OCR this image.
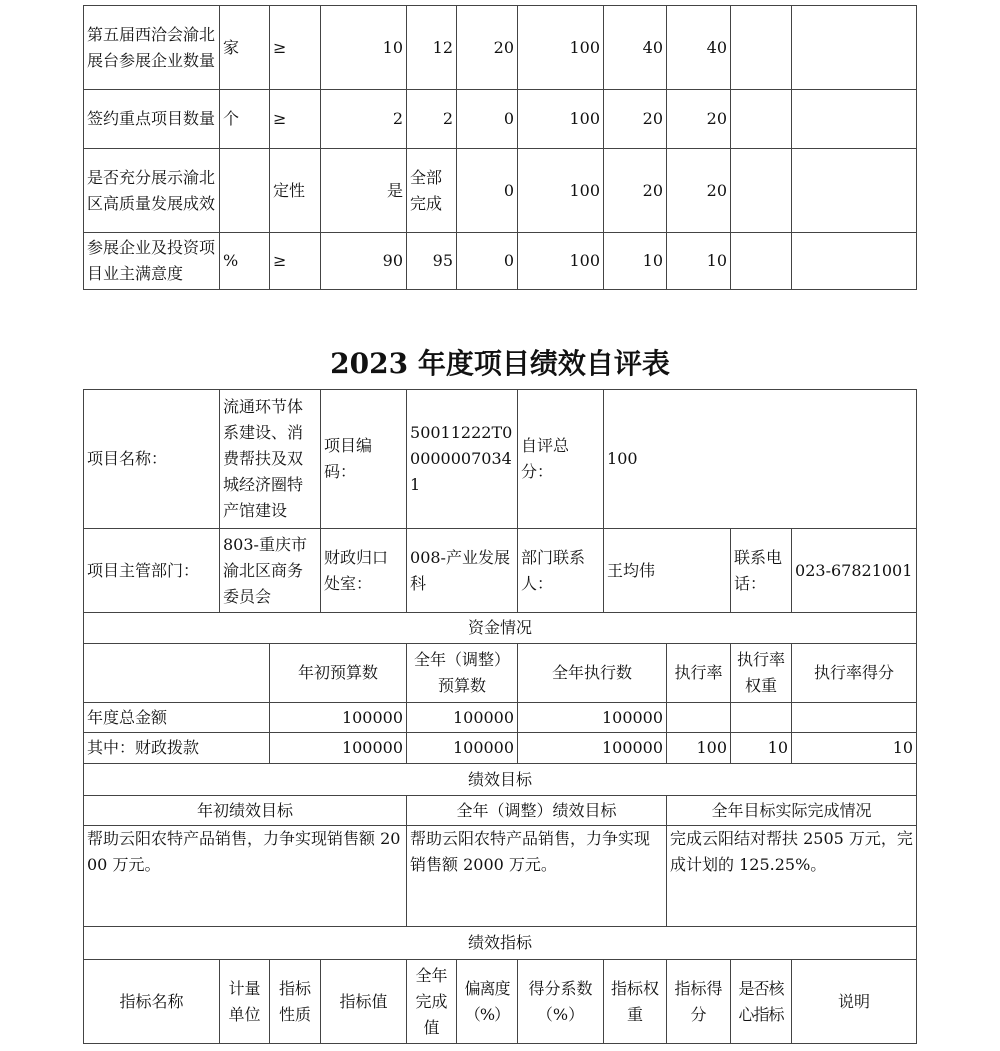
第五届西洽会渝北展台参展企业数量	家	≥	10	12	20	100	40	40		
签约重点项目数量	个	≥	2	2	0	100	20	20		
是否充分展示渝北区高质量发展成效		定性	是	全部完成	0	100	20	20		
参展企业及投资项目业主满意度	%	≥	90	95	0	100	10	10		
2023 年度项目绩效自评表
项目名称：	流通环节体系建设、消费帮扶及双城经济圈特产馆建设		项目编码：	50011222T000000070341		自评总分：	100			
项目主管部门：	803-重庆市渝北区商务委员会		财政归口处室：	008-产业发展科		部门联系人：	王均伟		联系电话：	023-67821001
资金情况										
		年初预算数		全年（调整）预算数		全年执行数		执行率	执行率权重	执行率得分
年度总金额		100000		100000		100000				
其中：财政拨款		100000		100000		100000		100	10	10
绩效目标										
年初绩效目标				全年（调整）绩效目标				全年目标实际完成情况		
帮助云阳农特产品销售，力争实现销售额 2000 万元。				帮助云阳农特产品销售，力争实现销售额 2000 万元。				完成云阳结对帮扶 2505 万元，完成计划的 125.25%。		
绩效指标										
指标名称	计量单位	指标性质	指标值	全年完成值	偏离度（%）	得分系数（%）	指标权重	指标得分	是否核心指标	说明
